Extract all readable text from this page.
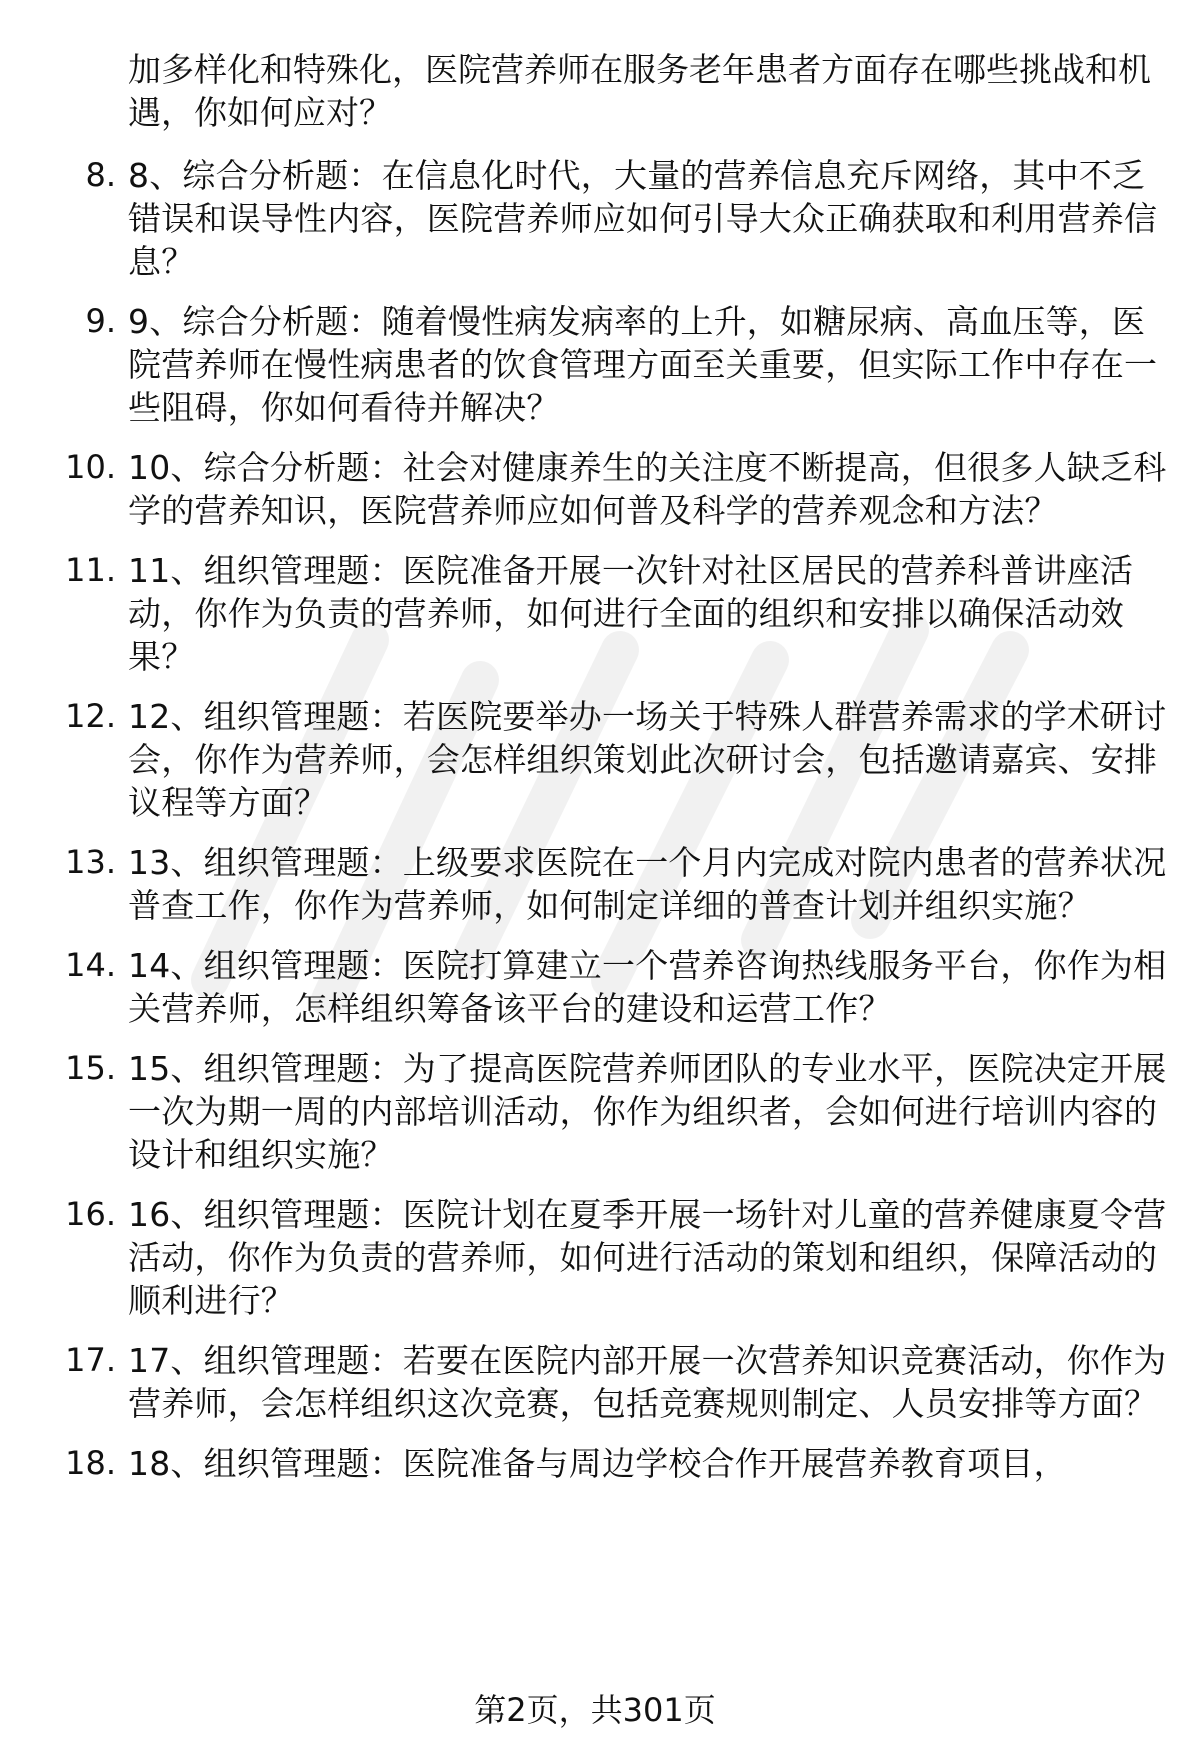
加多样化和特殊化，医院营养师在服务老年患者方面存在哪些挑战和机遇，你如何应对？
8. 8、综合分析题：在信息化时代，大量的营养信息充斥网络，其中不乏错误和误导性内容，医院营养师应如何引导大众正确获取和利用营养信息？
9. 9、综合分析题：随着慢性病发病率的上升，如糖尿病、高血压等，医院营养师在慢性病患者的饮食管理方面至关重要，但实际工作中存在一些阻碍，你如何看待并解决？
10. 10、综合分析题：社会对健康养生的关注度不断提高，但很多人缺乏科学的营养知识，医院营养师应如何普及科学的营养观念和方法？
11. 11、组织管理题：医院准备开展一次针对社区居民的营养科普讲座活动，你作为负责的营养师，如何进行全面的组织和安排以确保活动效果？
12. 12、组织管理题：若医院要举办一场关于特殊人群营养需求的学术研讨会，你作为营养师，会怎样组织策划此次研讨会，包括邀请嘉宾、安排议程等方面？
13. 13、组织管理题：上级要求医院在一个月内完成对院内患者的营养状况普查工作，你作为营养师，如何制定详细的普查计划并组织实施？
14. 14、组织管理题：医院打算建立一个营养咨询热线服务平台，你作为相关营养师，怎样组织筹备该平台的建设和运营工作？
15. 15、组织管理题：为了提高医院营养师团队的专业水平，医院决定开展一次为期一周的内部培训活动，你作为组织者，会如何进行培训内容的设计和组织实施？
16. 16、组织管理题：医院计划在夏季开展一场针对儿童的营养健康夏令营活动，你作为负责的营养师，如何进行活动的策划和组织，保障活动的顺利进行？
17. 17、组织管理题：若要在医院内部开展一次营养知识竞赛活动，你作为营养师，会怎样组织这次竞赛，包括竞赛规则制定、人员安排等方面？
18. 18、组织管理题：医院准备与周边学校合作开展营养教育项目，
第2页，共301页
